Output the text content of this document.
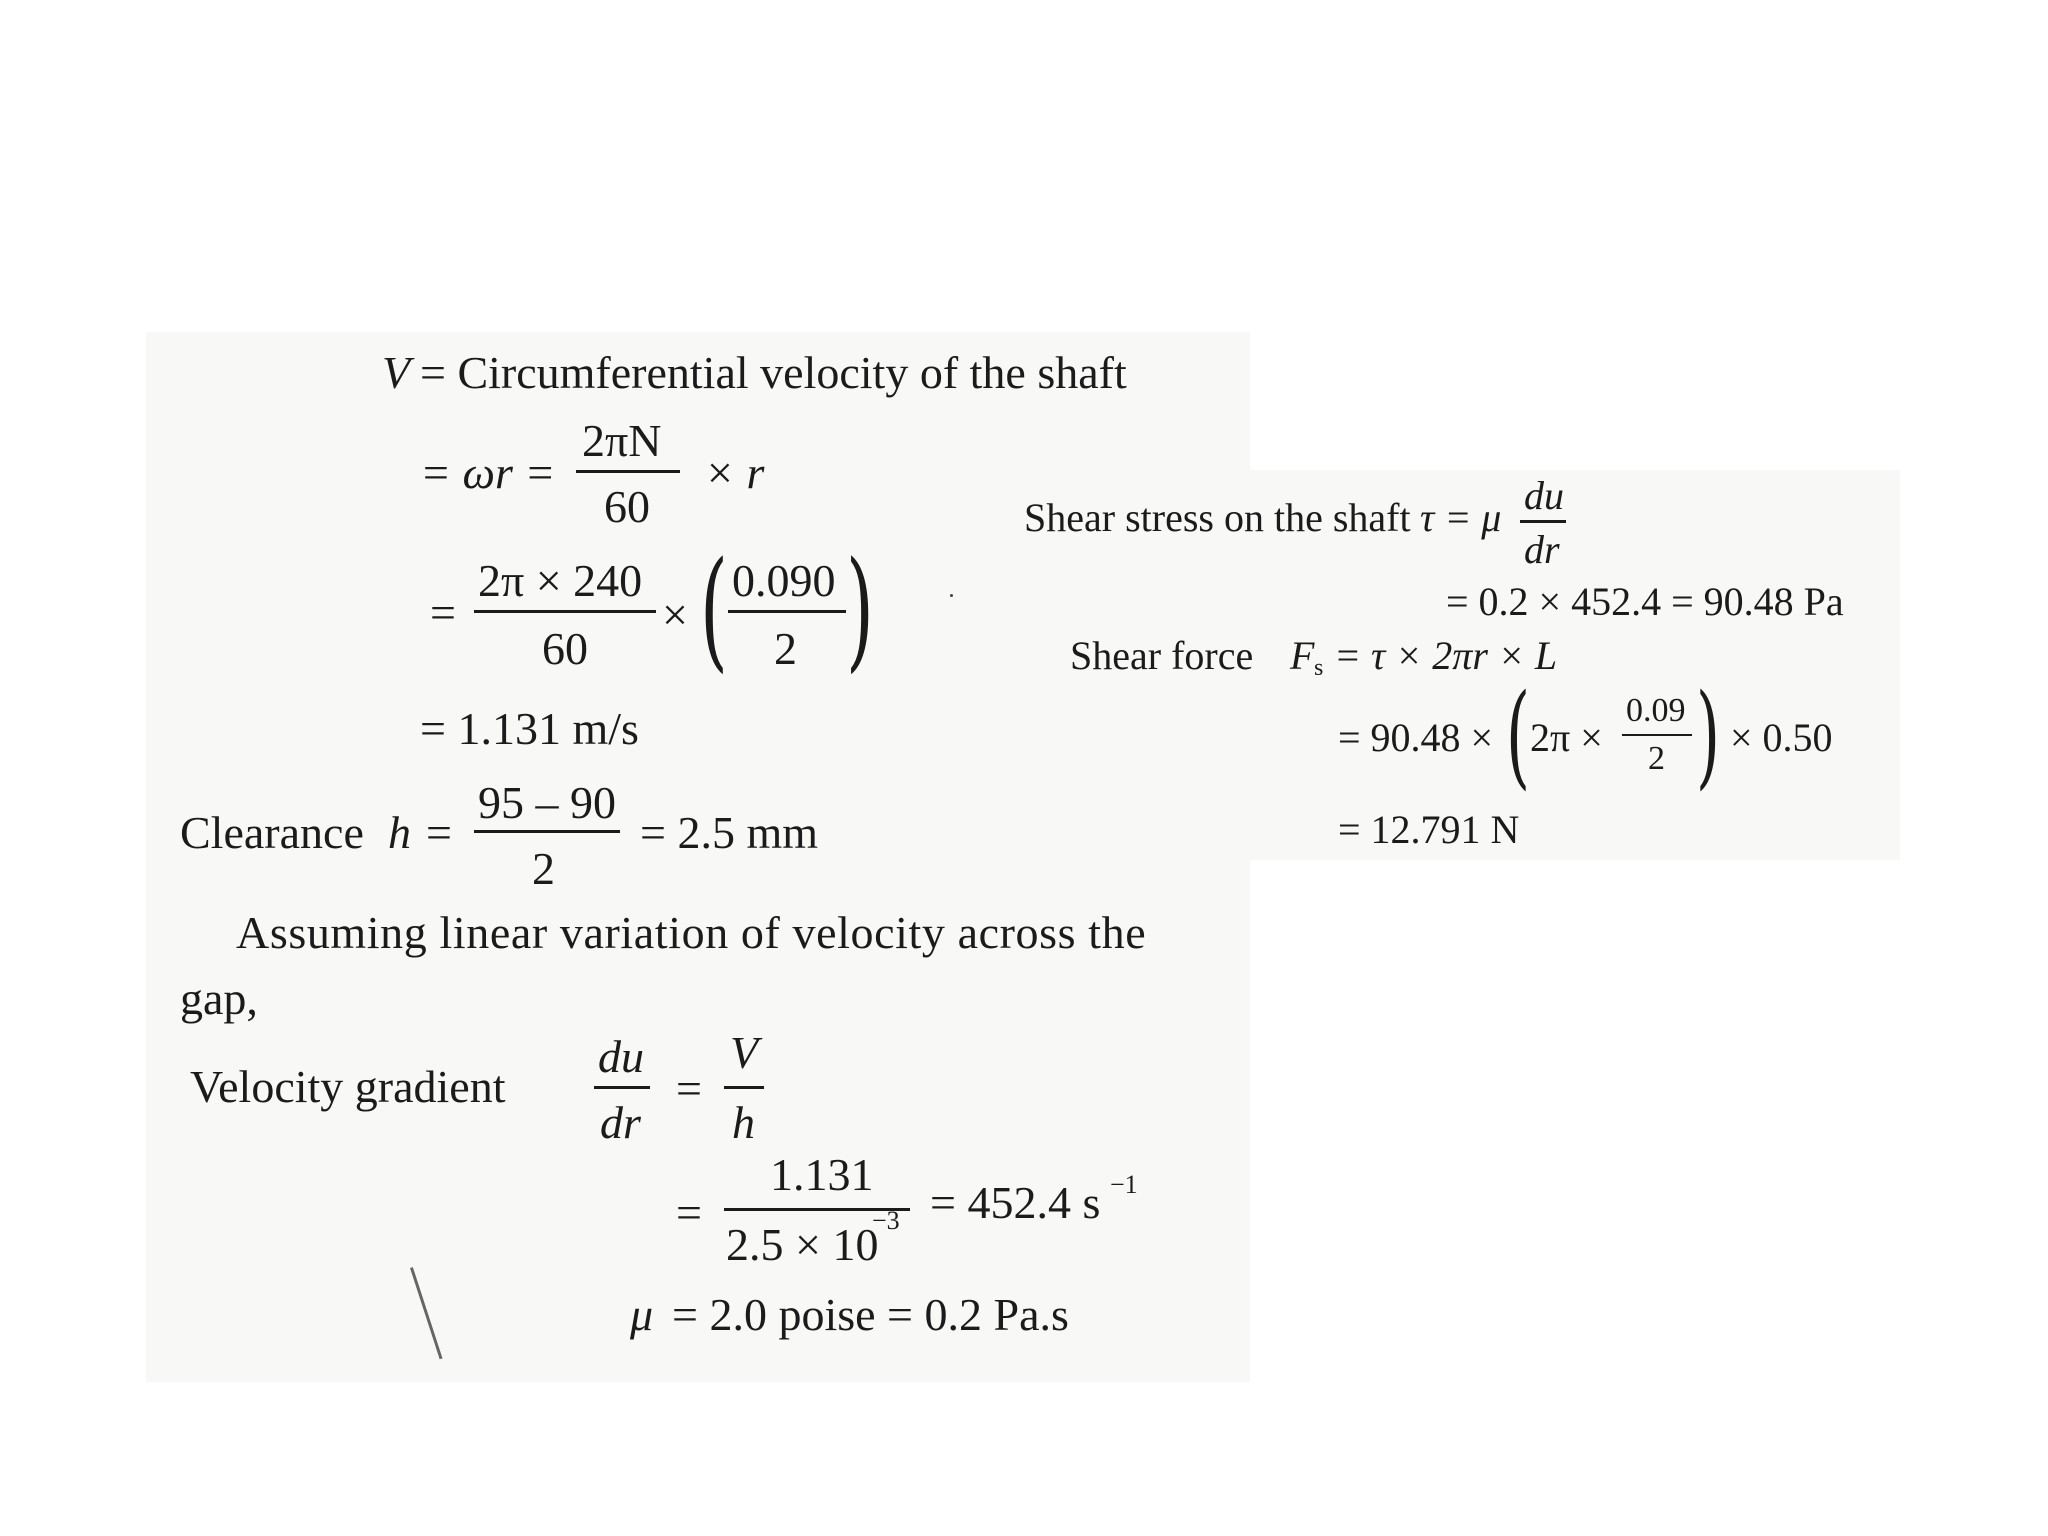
V = Circumferential velocity of the shaft
= ωr =
2πN
60
× r
=
2π × 240
60
× ( 0.090
2 )
= 1.131 m/s
Clearance h =
95 – 90
2
= 2.5 mm
Assuming linear variation of velocity across the
gap,
Velocity gradient
du
dr
=
V
h
=
1.131
2.5 × 10
−3 = 452.4 s −1
μ = 2.0 poise = 0.2 Pa.s
Shear stress on the shaft τ = μ du
dr
= 0.2 × 452.4 = 90.48 Pa
Shear force F s = τ × 2πr × L
= 90.48 × ( 2π ×
0.09
2 ) × 0.50
= 12.791 N
